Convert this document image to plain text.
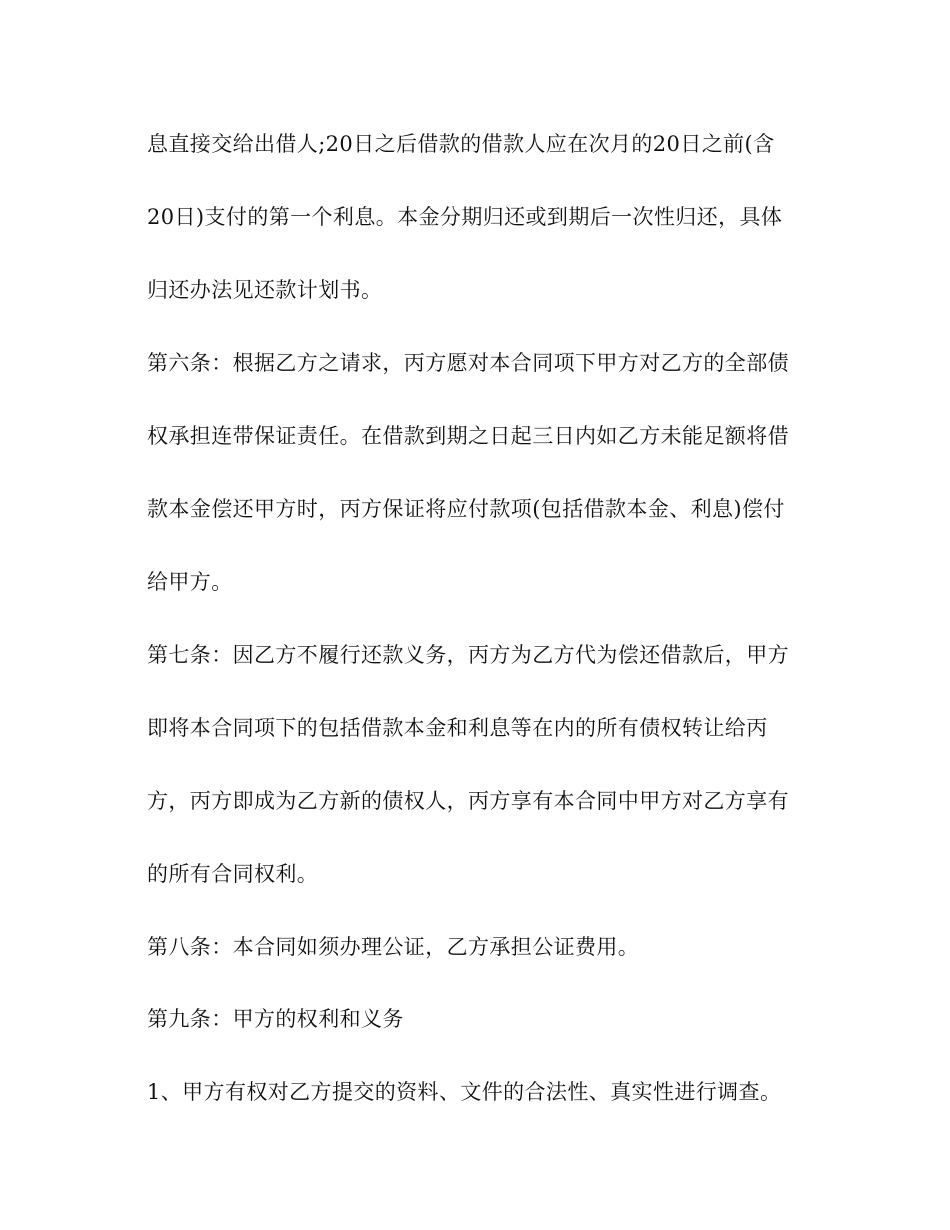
息直接交给出借人;20日之后借款的借款人应在次月的20日之前(含
20日)支付的第一个利息。本金分期归还或到期后一次性归还，具体
归还办法见还款计划书。
第六条：根据乙方之请求，丙方愿对本合同项下甲方对乙方的全部债
权承担连带保证责任。在借款到期之日起三日内如乙方未能足额将借
款本金偿还甲方时，丙方保证将应付款项(包括借款本金、利息)偿付
给甲方。
第七条：因乙方不履行还款义务，丙方为乙方代为偿还借款后，甲方
即将本合同项下的包括借款本金和利息等在内的所有债权转让给丙
方，丙方即成为乙方新的债权人，丙方享有本合同中甲方对乙方享有
的所有合同权利。
第八条：本合同如须办理公证，乙方承担公证费用。
第九条：甲方的权利和义务
1、甲方有权对乙方提交的资料、文件的合法性、真实性进行调查。
